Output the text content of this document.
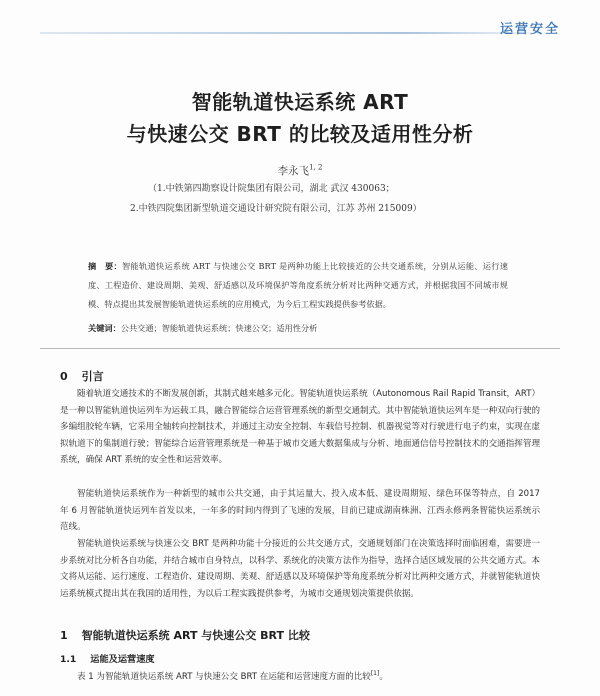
运营安全
智能轨道快运系统 ART
与快速公交 BRT 的比较及适用性分析
李永飞$^{1, 2}$
（1.中铁第四勘察设计院集团有限公司，湖北 武汉 430063；
2.中铁四院集团新型轨道交通设计研究院有限公司，江苏 苏州 215009）
摘　要：智能轨道快运系统 ART 与快速公交 BRT 是两种功能上比较接近的公共交通系统，分别从运能、运行速度、工程造价、建设周期、美观、舒适感以及环境保护等角度系统分析对比两种交通方式，并根据我国不同城市规模、特点提出其发展智能轨道快运系统的应用模式，为今后工程实践提供参考依据。
关键词：公共交通；智能轨道快运系统；快速公交；适用性分析
0 引言
随着轨道交通技术的不断发展创新，其制式越来越多元化。智能轨道快运系统（Autonomous Rail Rapid Transit，ART）是一种以智能轨道快运列车为运载工具，融合智能综合运营管理系统的新型交通制式。其中智能轨道快运列车是一种双向行驶的多编组胶轮车辆，它采用全轴转向控制技术，并通过主动安全控制、车载信号控制、机器视觉等对行驶进行电子约束，实现在虚拟轨道下的集制道行驶；智能综合运营管理系统是一种基于城市交通大数据集成与分析、地面通信信号控制技术的交通指挥管理系统，确保 ART 系统的安全性和运营效率。
智能轨道快运系统作为一种新型的城市公共交通，由于其运量大、投入成本低、建设周期短、绿色环保等特点，自 2017 年 6 月智能轨道快运列车首发以来，一年多的时间内得到了飞速的发展，目前已建成湖南株洲、江西永修两条智能快运系统示范线。
智能轨道快运系统与快速公交 BRT 是两种功能十分接近的公共交通方式，交通规划部门在决策选择时面临困难，需要进一步系统对比分析各自功能，并结合城市自身特点，以科学、系统化的决策方法作为指导，选择合适区域发展的公共交通方式。本文将从运能、运行速度、工程造价、建设周期、美观、舒适感以及环境保护等角度系统分析对比两种交通方式，并就智能轨道快运系统模式提出其在我国的适用性，为以后工程实践提供参考，为城市交通规划决策提供依据。
1 智能轨道快运系统 ART 与快速公交 BRT 比较
1.1 运能及运营速度
表 1 为智能轨道快运系统 ART 与快速公交 BRT 在运能和运营速度方面的比较[1]。
